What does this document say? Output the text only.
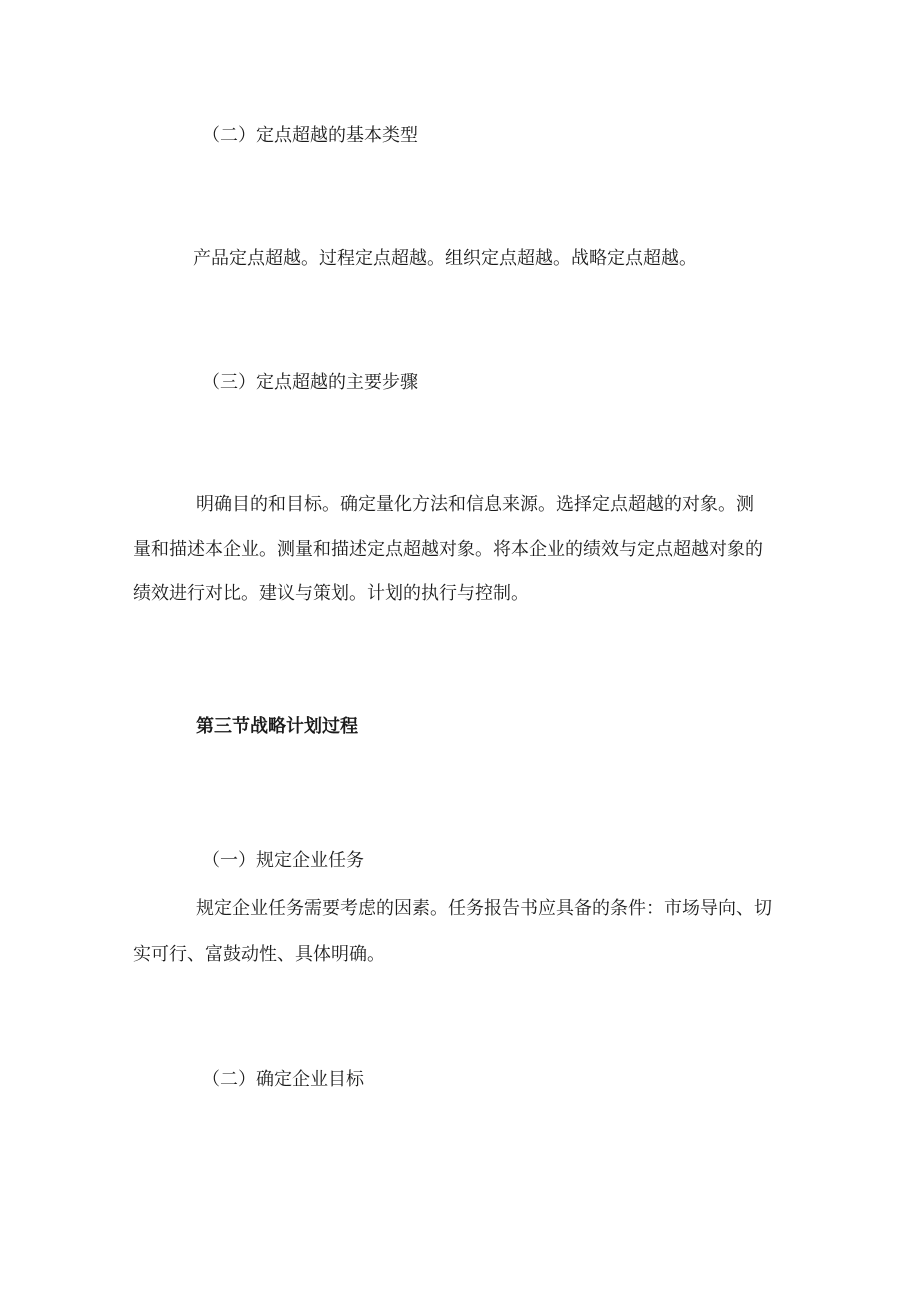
（二）定点超越的基本类型
产品定点超越。过程定点超越。组织定点超越。战略定点超越。
（三）定点超越的主要步骤
明确目的和目标。确定量化方法和信息来源。选择定点超越的对象。测
量和描述本企业。测量和描述定点超越对象。将本企业的绩效与定点超越对象的
绩效进行对比。建议与策划。计划的执行与控制。
第三节战略计划过程
（一）规定企业任务
规定企业任务需要考虑的因素。任务报告书应具备的条件：市场导向、切
实可行、富鼓动性、具体明确。
（二）确定企业目标
